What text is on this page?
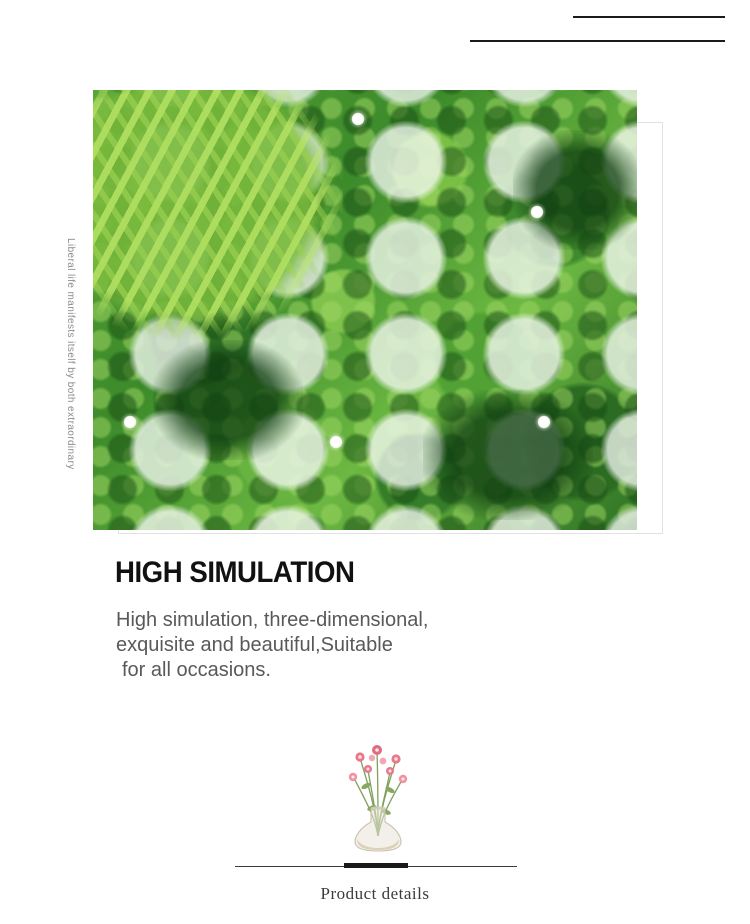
Liberal life manifests itself by both extraordinary
HIGH SIMULATION
High simulation, three-dimensional,
exquisite and beautiful,Suitable
for all occasions.
Product details
